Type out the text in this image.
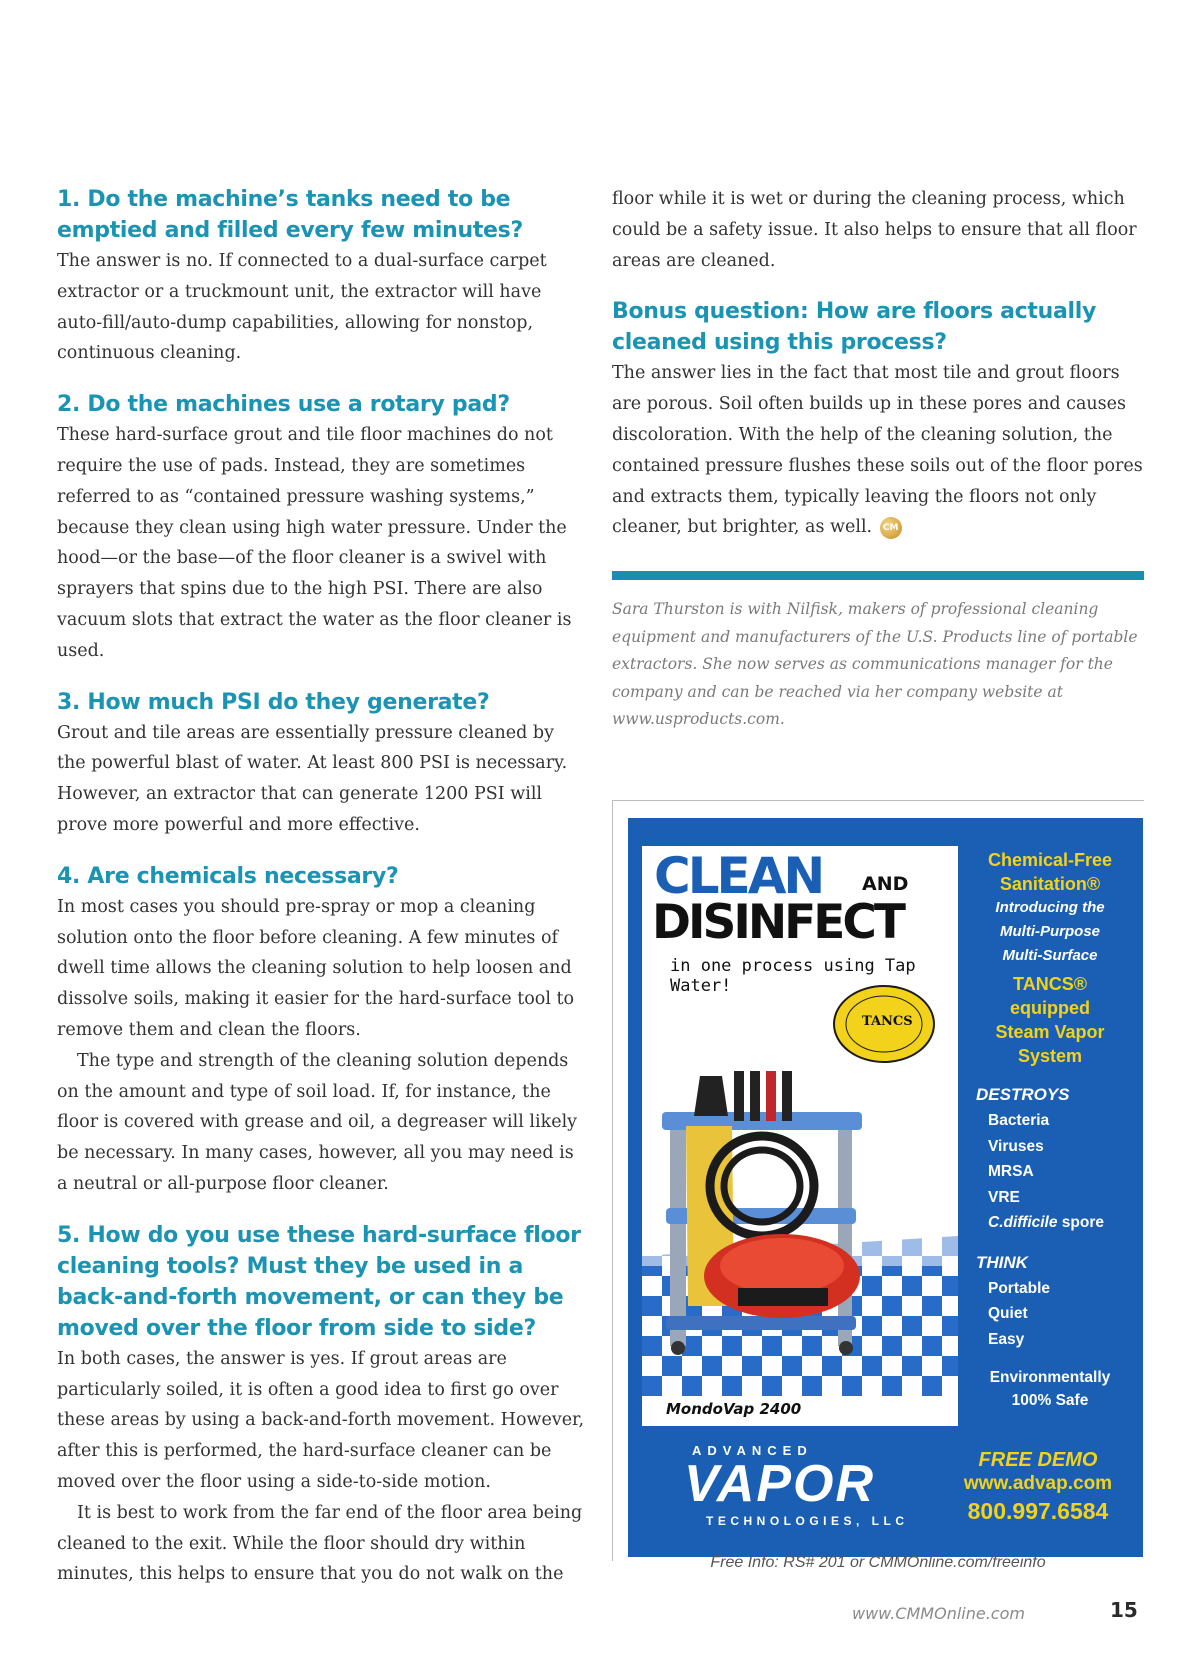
1. Do the machine’s tanks need to be emptied and filled every few minutes?

The answer is no. If connected to a dual-surface carpet extractor or a truckmount unit, the extractor will have auto-fill/auto-dump capabilities, allowing for nonstop, continuous cleaning.

2. Do the machines use a rotary pad?

These hard-surface grout and tile floor machines do not require the use of pads. Instead, they are sometimes referred to as “contained pressure washing systems,” because they clean using high water pressure. Under the hood—or the base—of the floor cleaner is a swivel with sprayers that spins due to the high PSI. There are also vacuum slots that extract the water as the floor cleaner is used.

3. How much PSI do they generate?

Grout and tile areas are essentially pressure cleaned by the powerful blast of water. At least 800 PSI is necessary. However, an extractor that can generate 1200 PSI will prove more powerful and more effective.

4. Are chemicals necessary?

In most cases you should pre-spray or mop a cleaning solution onto the floor before cleaning. A few minutes of dwell time allows the cleaning solution to help loosen and dissolve soils, making it easier for the hard-surface tool to remove them and clean the floors.

The type and strength of the cleaning solution depends on the amount and type of soil load. If, for instance, the floor is covered with grease and oil, a degreaser will likely be necessary. In many cases, however, all you may need is a neutral or all-purpose floor cleaner.

5. How do you use these hard-surface floor cleaning tools? Must they be used in a back-and-forth movement, or can they be moved over the floor from side to side?

In both cases, the answer is yes. If grout areas are particularly soiled, it is often a good idea to first go over these areas by using a back-and-forth movement. However, after this is performed, the hard-surface cleaner can be moved over the floor using a side-to-side motion.

It is best to work from the far end of the floor area being cleaned to the exit. While the floor should dry within minutes, this helps to ensure that you do not walk on the

floor while it is wet or during the cleaning process, which could be a safety issue. It also helps to ensure that all floor areas are cleaned.

Bonus question: How are floors actually cleaned using this process?

The answer lies in the fact that most tile and grout floors are porous. Soil often builds up in these pores and causes discoloration. With the help of the cleaning solution, the contained pressure flushes these soils out of the floor pores and extracts them, typically leaving the floors not only cleaner, but brighter, as well. CM

Sara Thurston is with Nilfisk, makers of professional cleaning equipment and manufacturers of the U.S. Products line of portable extractors. She now serves as communications manager for the company and can be reached via her company website at www.usproducts.com.

CLEAN AND
DISINFECT
in one process using Tap Water!
TANCS
MondoVap 2400
Chemical-Free
Sanitation®
Introducing the
Multi-Purpose
Multi-Surface
TANCS®
equipped
Steam Vapor
System
DESTROYS
Bacteria
Viruses
MRSA
VRE
C.difficile spore
THINK
Portable
Quiet
Easy
Environmentally
100% Safe
ADVANCED
VAPOR
TECHNOLOGIES, LLC
FREE DEMO
www.advap.com
800.997.6584
Free Info: RS# 201 or CMMOnline.com/freeinfo
www.CMMOnline.com	15
